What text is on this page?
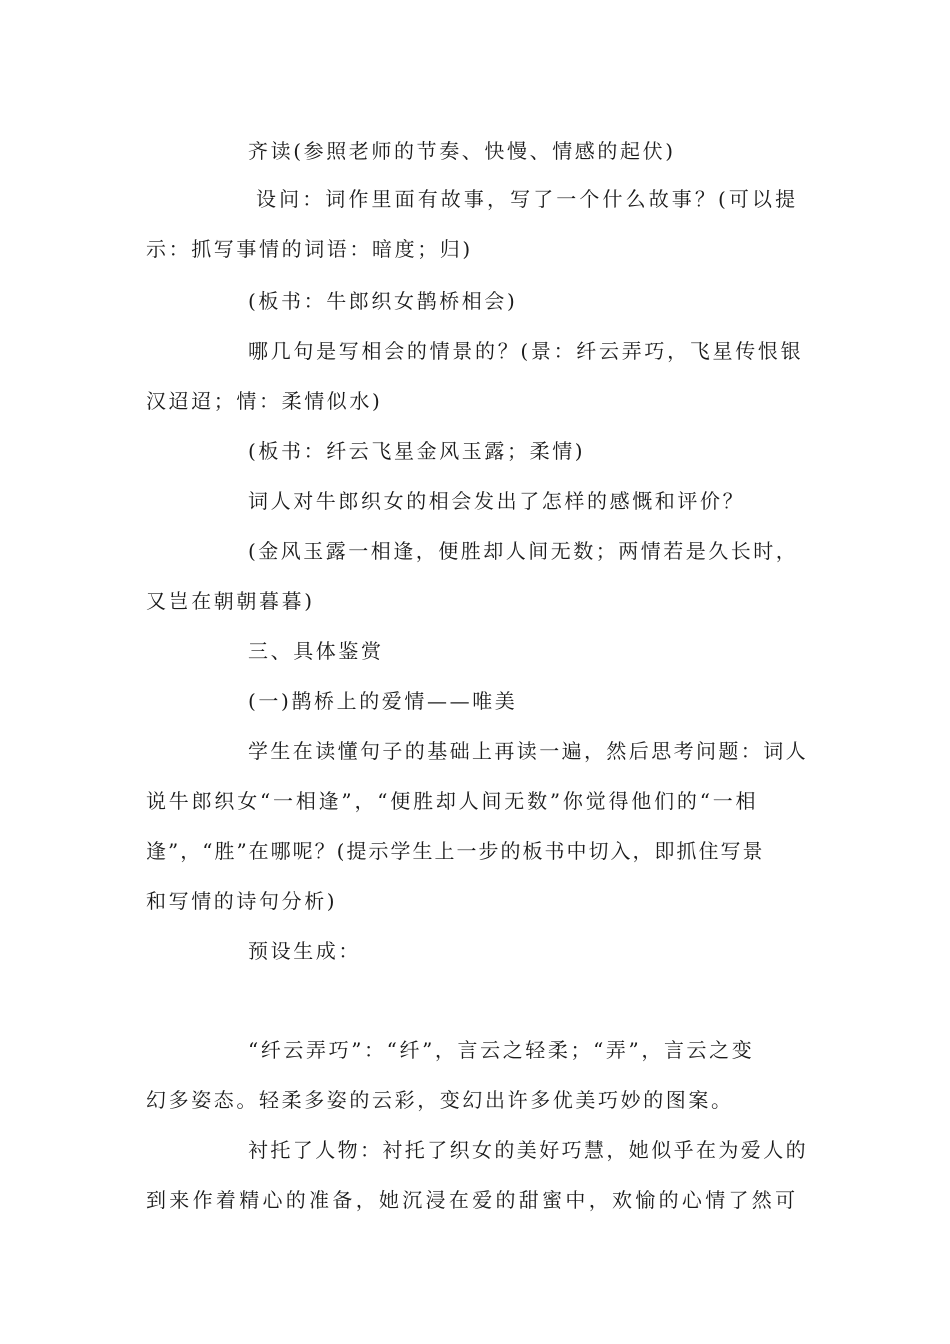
齐读(参照老师的节奏、快慢、情感的起伏)
设问：词作里面有故事，写了一个什么故事？(可以提
示：抓写事情的词语：暗度；归)
(板书：牛郎织女鹊桥相会)
哪几句是写相会的情景的？(景：纤云弄巧，飞星传恨银
汉迢迢；情：柔情似水)
(板书：纤云飞星金风玉露；柔情)
词人对牛郎织女的相会发出了怎样的感慨和评价？
(金风玉露一相逢，便胜却人间无数；两情若是久长时，
又岂在朝朝暮暮)
三、具体鉴赏
(一)鹊桥上的爱情——唯美
学生在读懂句子的基础上再读一遍，然后思考问题：词人
说牛郎织女“一相逢”，“便胜却人间无数”你觉得他们的“一相
逢”，“胜”在哪呢？(提示学生上一步的板书中切入，即抓住写景
和写情的诗句分析)
预设生成：
“纤云弄巧”：“纤”，言云之轻柔；“弄”，言云之变
幻多姿态。轻柔多姿的云彩，变幻出许多优美巧妙的图案。
衬托了人物：衬托了织女的美好巧慧，她似乎在为爱人的
到来作着精心的准备，她沉浸在爱的甜蜜中，欢愉的心情了然可
